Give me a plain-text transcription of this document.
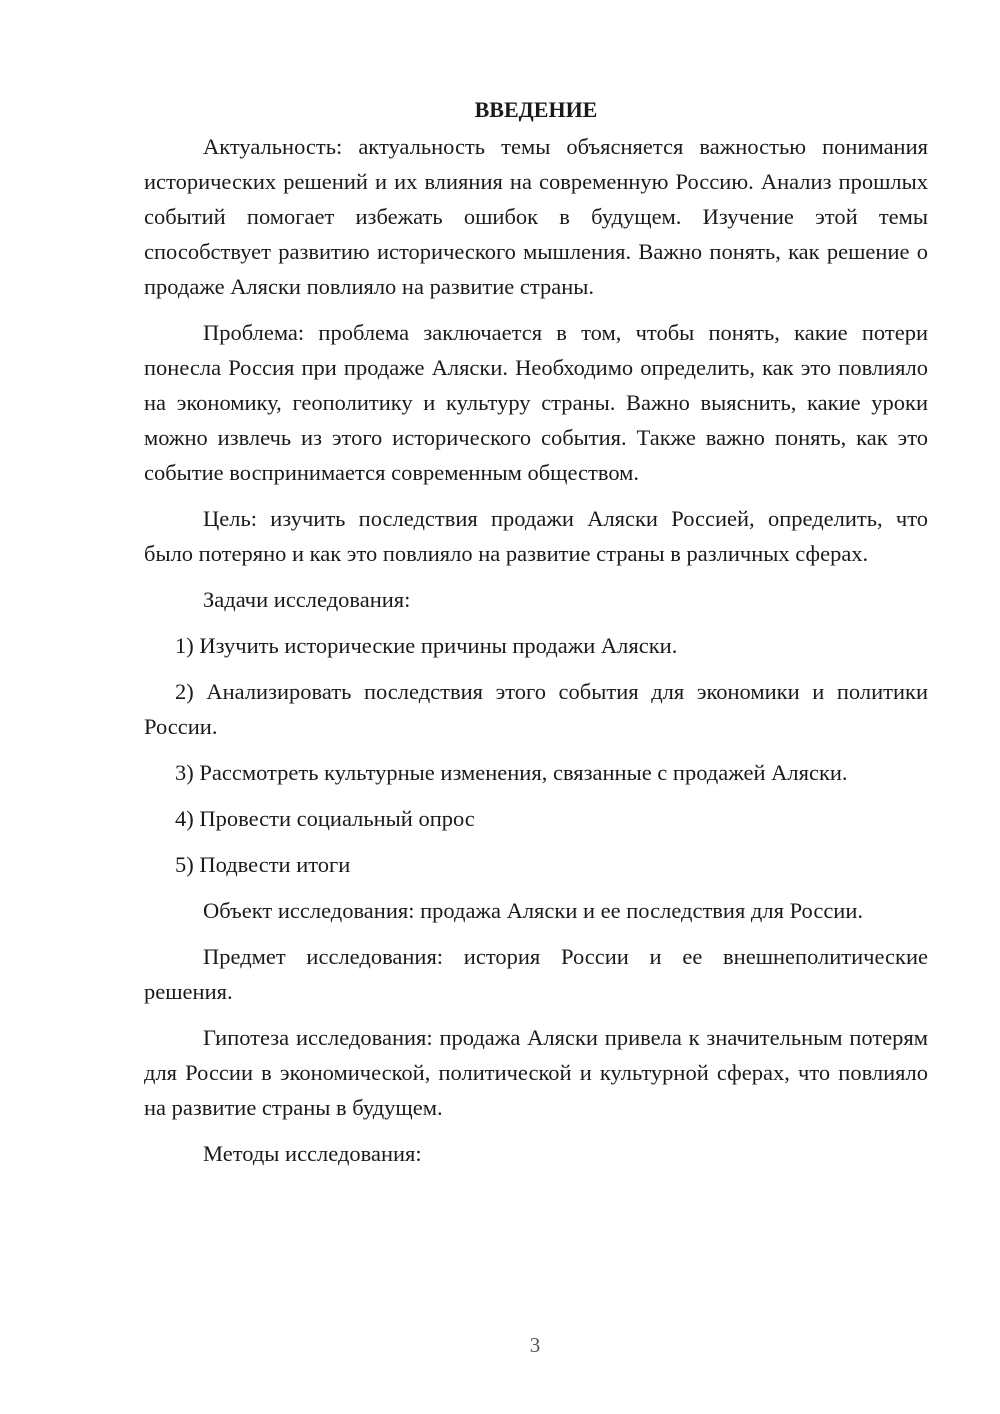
ВВЕДЕНИЕ

Актуальность: актуальность темы объясняется важностью понимания исторических решений и их влияния на современную Россию. Анализ прошлых событий помогает избежать ошибок в будущем. Изучение этой темы способствует развитию исторического мышления. Важно понять, как решение о продаже Аляски повлияло на развитие страны.

Проблема: проблема заключается в том, чтобы понять, какие потери понесла Россия при продаже Аляски. Необходимо определить, как это повлияло на экономику, геополитику и культуру страны. Важно выяснить, какие уроки можно извлечь из этого исторического события. Также важно понять, как это событие воспринимается современным обществом.

Цель: изучить последствия продажи Аляски Россией, определить, что было потеряно и как это повлияло на развитие страны в различных сферах.

Задачи исследования:

1) Изучить исторические причины продажи Аляски.

2) Анализировать последствия этого события для экономики и политики России.

3) Рассмотреть культурные изменения, связанные с продажей Аляски.

4) Провести социальный опрос

5) Подвести итоги

Объект исследования: продажа Аляски и ее последствия для России.

Предмет исследования: история России и ее внешнеполитические решения.

Гипотеза исследования: продажа Аляски привела к значительным потерям для России в экономической, политической и культурной сферах, что повлияло на развитие страны в будущем.

Методы исследования:

3
